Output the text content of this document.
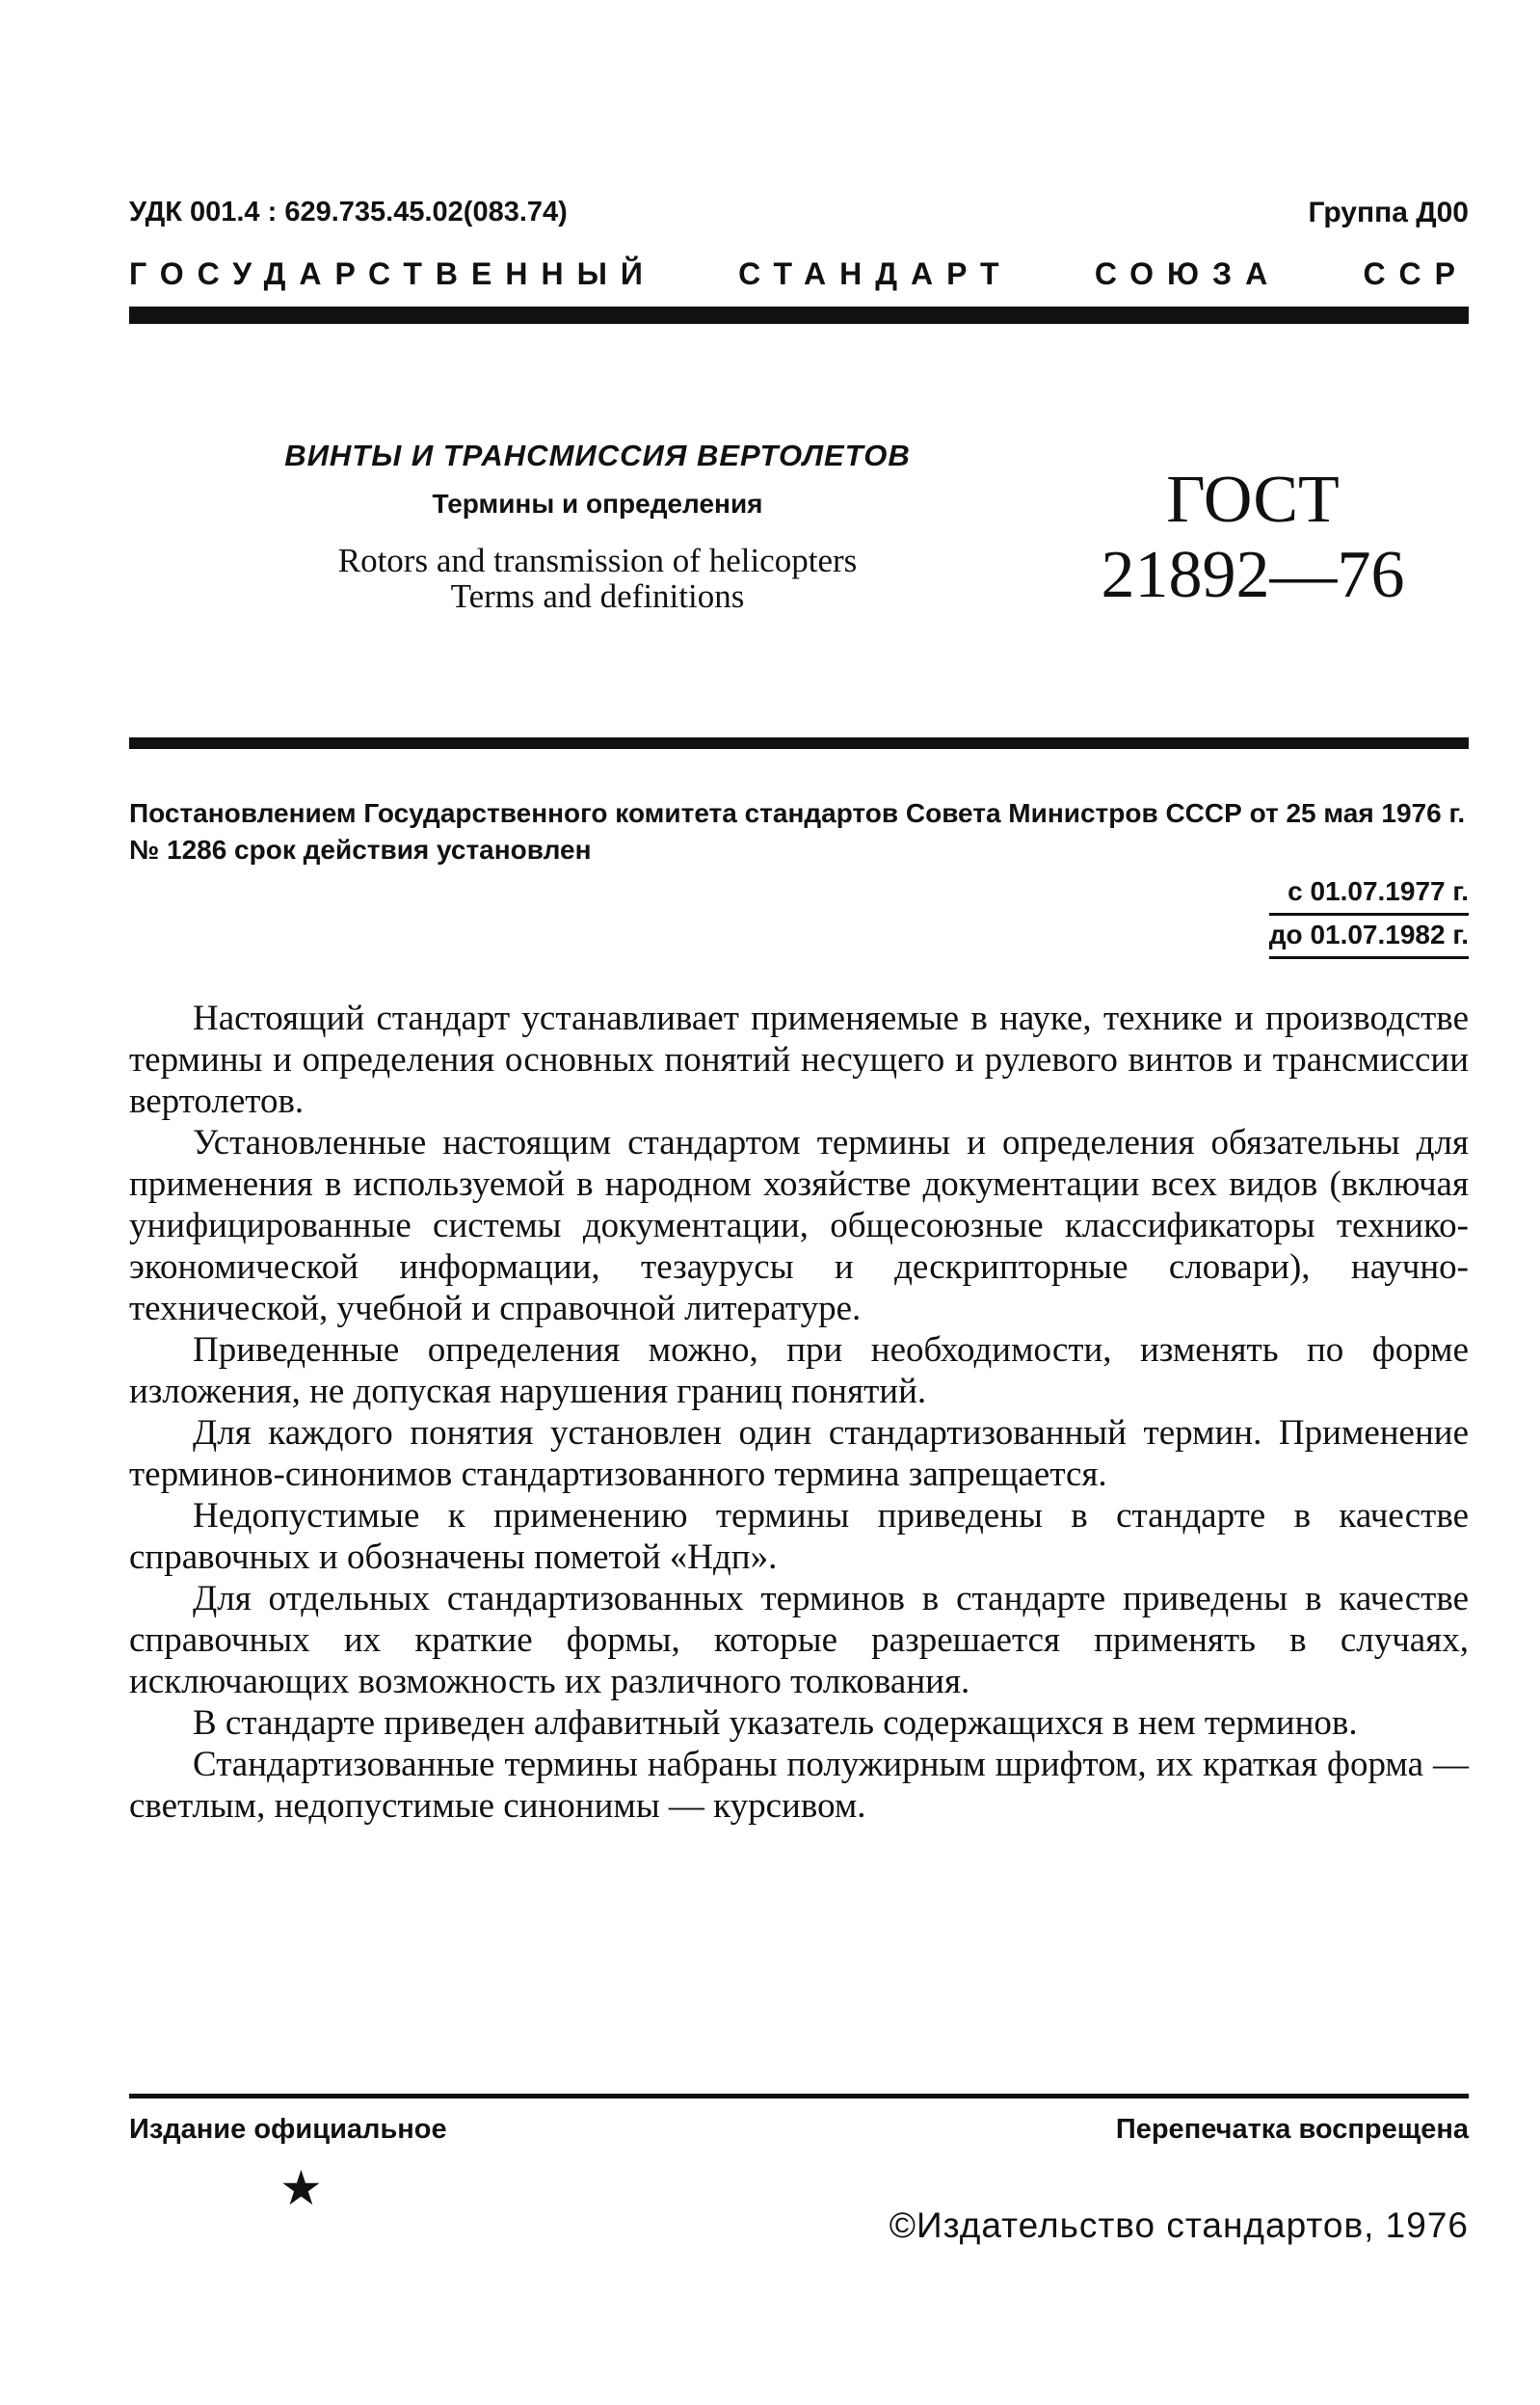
УДК 001.4 : 629.735.45.02(083.74)	Группа Д00
ГОСУДАРСТВЕННЫЙ	СТАНДАРТ	СОЮЗА	ССР

ВИНТЫ И ТРАНСМИССИЯ ВЕРТОЛЕТОВ

Термины и определения

Rotors and transmission of helicopters
Terms and definitions

ГОСТ
21892—76
Постановлением Государственного комитета стандартов Совета Министров СССР от 25 мая 1976 г. № 1286 срок действия установлен
с 01.07.1977 г.
до 01.07.1982 г.

Настоящий стандарт устанавливает применяемые в науке, технике и производстве термины и определения основных понятий несущего и рулевого винтов и трансмиссии вертолетов.

Установленные настоящим стандартом термины и определения обязательны для применения в используемой в народном хозяйстве документации всех видов (включая унифицированные системы документации, общесоюзные классификаторы технико-экономической информации, тезаурусы и дескрипторные словари), научно-технической, учебной и справочной литературе.

Приведенные определения можно, при необходимости, изменять по форме изложения, не допуская нарушения границ понятий.

Для каждого понятия установлен один стандартизованный термин. Применение терминов-синонимов стандартизованного термина запрещается.

Недопустимые к применению термины приведены в стандарте в качестве справочных и обозначены пометой «Ндп».

Для отдельных стандартизованных терминов в стандарте приведены в качестве справочных их краткие формы, которые разрешается применять в случаях, исключающих возможность их различного толкования.

В стандарте приведен алфавитный указатель содержащихся в нем терминов.

Стандартизованные термины набраны полужирным шрифтом, их краткая форма — светлым, недопустимые синонимы — курсивом.

Издание официальное	Перепечатка воспрещена
★
©Издательство стандартов, 1976
